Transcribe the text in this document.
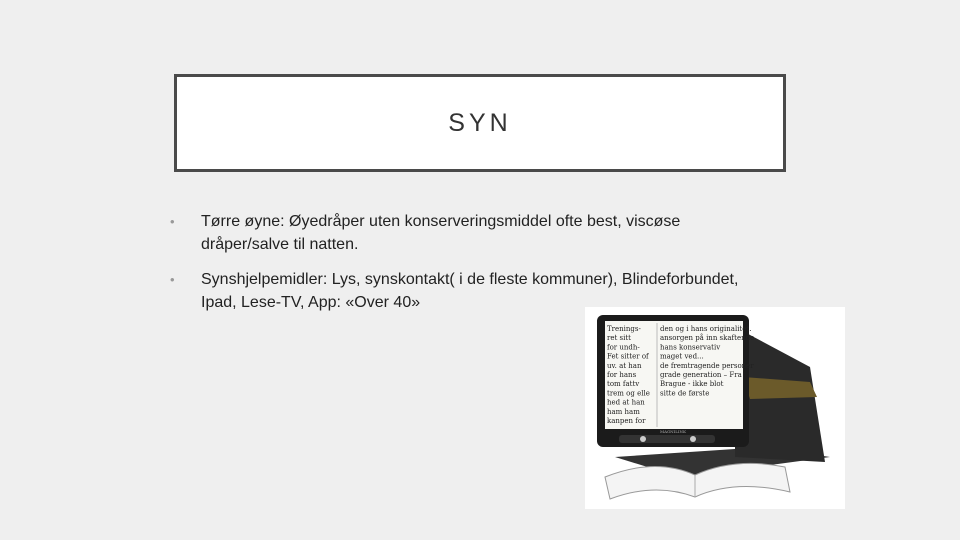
SYN
• Tørre øyne: Øyedråper uten konserveringsmiddel ofte best, viscøse dråper/salve til natten.
• Synshjelpemidler: Lys, synskontakt( i de fleste kommuner), Blindeforbundet, Ipad, Lese-TV, App: «Over 40»
Trenings-	den og i hans originalitet.
ret sitt	ansorgen på inn skaftende
for undh-	hans konservativ
Fet sitter of maget ved...
uv. at han	de fremtragende personer
for hans	grade generation – Fra
tom fattv	Brague - ikke blot
trem og elle sitte de første
hed at han
ham ham
kanpen for
MAGNILINK
